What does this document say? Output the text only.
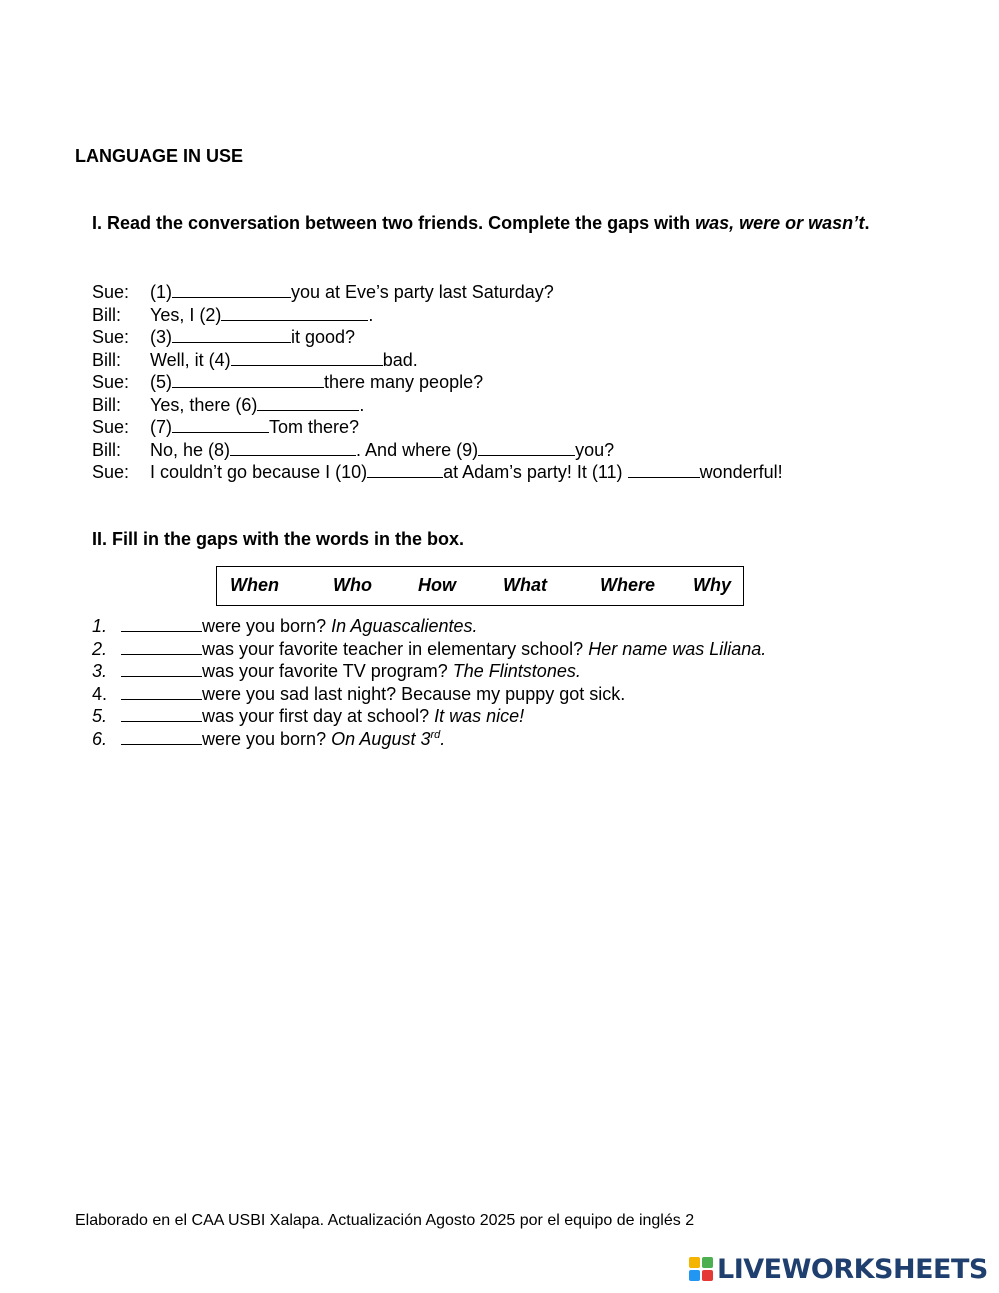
LANGUAGE IN USE
I. Read the conversation between two friends. Complete the gaps with was, were or wasn’t.
Sue: (1)	you at Eve’s party last Saturday?
Bill: Yes, I (2)	.
Sue: (3)	it good?
Bill: Well, it (4)	bad.
Sue: (5)	there many people?
Bill: Yes, there (6)	.
Sue: (7)	Tom there?
Bill: No, he (8)	. And where (9)	you?
Sue: I couldn’t go because I (10)	at Adam’s party! It (11)	wonderful!
II. Fill in the gaps with the words in the box.
When	Who	How	What	Where Why
1.	were you born? In Aguascalientes.
2.	was your favorite teacher in elementary school? Her name was Liliana.
3.	was your favorite TV program? The Flintstones.
4.	were you sad last night? Because my puppy got sick.
5.	was your first day at school? It was nice!
6.	were you born? On August 3rd.
Elaborado en el CAA USBI Xalapa. Actualización Agosto 2025 por el equipo de inglés 2
LIVEWORKSHEETS
